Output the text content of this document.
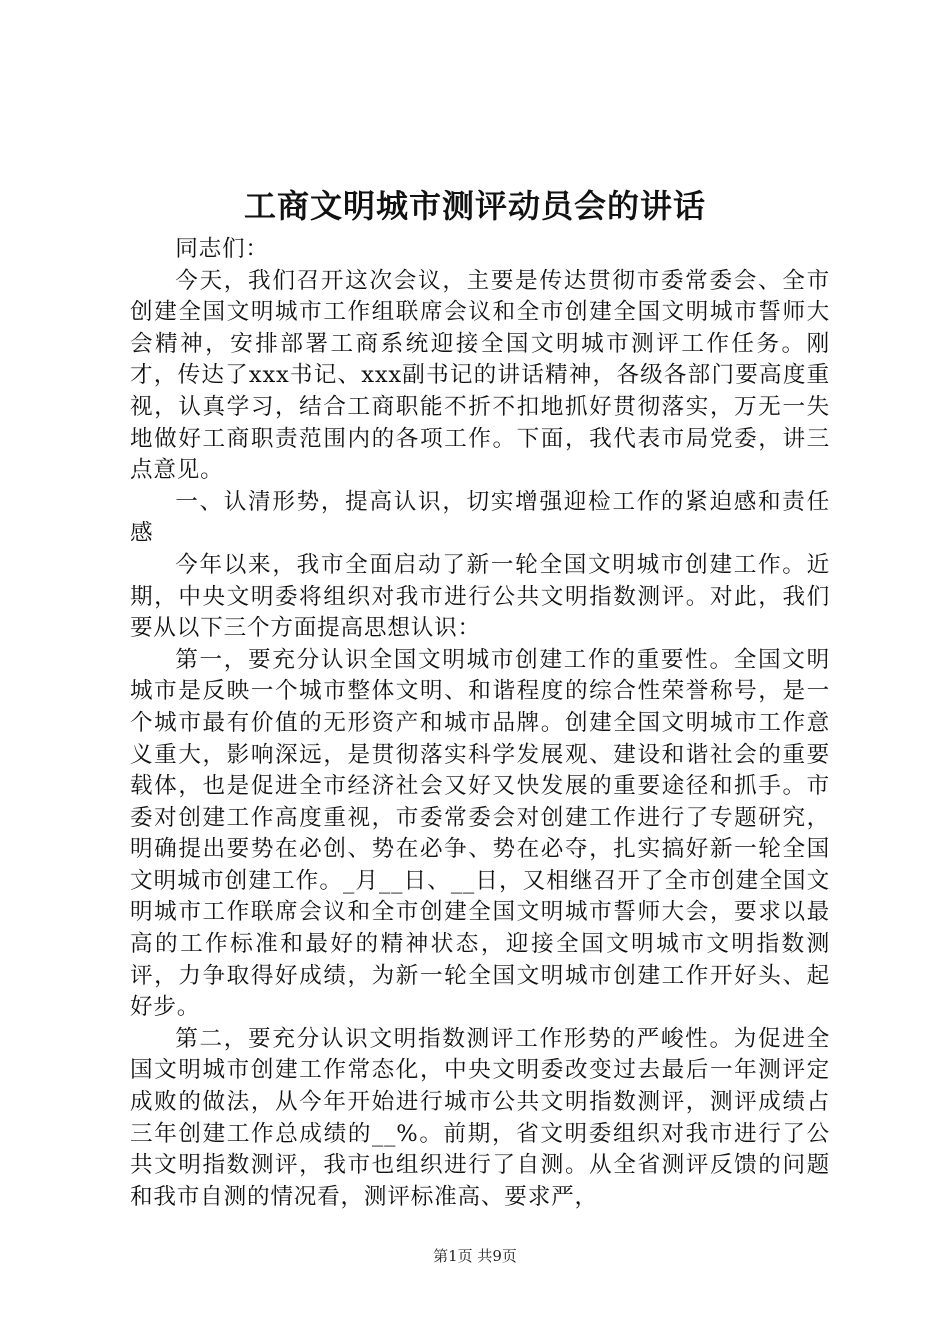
工商文明城市测评动员会的讲话

同志们：

今天，我们召开这次会议，主要是传达贯彻市委常委会、全市创建全国文明城市工作组联席会议和全市创建全国文明城市誓师大会精神，安排部署工商系统迎接全国文明城市测评工作任务。刚才，传达了xxx书记、xxx副书记的讲话精神，各级各部门要高度重视，认真学习，结合工商职能不折不扣地抓好贯彻落实，万无一失地做好工商职责范围内的各项工作。下面，我代表市局党委，讲三点意见。

一、认清形势，提高认识，切实增强迎检工作的紧迫感和责任感

今年以来，我市全面启动了新一轮全国文明城市创建工作。近期，中央文明委将组织对我市进行公共文明指数测评。对此，我们要从以下三个方面提高思想认识：

第一，要充分认识全国文明城市创建工作的重要性。全国文明城市是反映一个城市整体文明、和谐程度的综合性荣誉称号，是一个城市最有价值的无形资产和城市品牌。创建全国文明城市工作意义重大，影响深远，是贯彻落实科学发展观、建设和谐社会的重要载体，也是促进全市经济社会又好又快发展的重要途径和抓手。市委对创建工作高度重视，市委常委会对创建工作进行了专题研究，明确提出要势在必创、势在必争、势在必夺，扎实搞好新一轮全国文明城市创建工作。_月__日、__日，又相继召开了全市创建全国文明城市工作联席会议和全市创建全国文明城市誓师大会，要求以最高的工作标准和最好的精神状态，迎接全国文明城市文明指数测评，力争取得好成绩，为新一轮全国文明城市创建工作开好头、起好步。

第二，要充分认识文明指数测评工作形势的严峻性。为促进全国文明城市创建工作常态化，中央文明委改变过去最后一年测评定成败的做法，从今年开始进行城市公共文明指数测评，测评成绩占三年创建工作总成绩的__%。前期，省文明委组织对我市进行了公共文明指数测评，我市也组织进行了自测。从全省测评反馈的问题和我市自测的情况看，测评标准高、要求严，

第1页 共9页
